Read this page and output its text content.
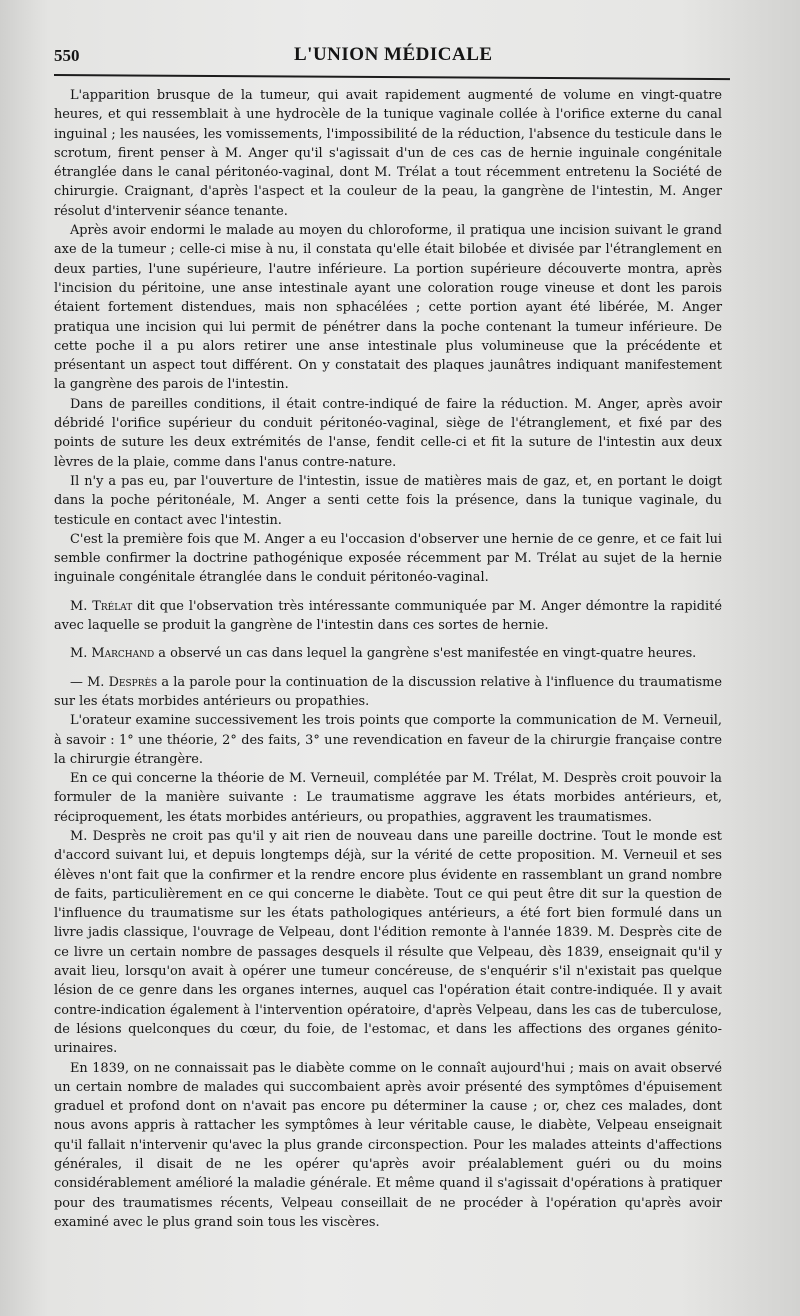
550	L'UNION MÉDICALE

L'apparition brusque de la tumeur, qui avait rapidement augmenté de volume en vingt-quatre heures, et qui ressemblait à une hydrocèle de la tunique vaginale collée à l'orifice externe du canal inguinal ; les nausées, les vomissements, l'impossibilité de la réduction, l'absence du testicule dans le scrotum, firent penser à M. Anger qu'il s'agissait d'un de ces cas de hernie inguinale congénitale étranglée dans le canal péritonéo-vaginal, dont M. Trélat a tout récemment entretenu la Société de chirurgie. Craignant, d'après l'aspect et la couleur de la peau, la gangrène de l'intestin, M. Anger résolut d'intervenir séance tenante.

Après avoir endormi le malade au moyen du chloroforme, il pratiqua une incision suivant le grand axe de la tumeur ; celle-ci mise à nu, il constata qu'elle était bilobée et divisée par l'étranglement en deux parties, l'une supérieure, l'autre inférieure. La portion supérieure découverte montra, après l'incision du péritoine, une anse intestinale ayant une coloration rouge vineuse et dont les parois étaient fortement distendues, mais non sphacélées ; cette portion ayant été libérée, M. Anger pratiqua une incision qui lui permit de pénétrer dans la poche contenant la tumeur inférieure. De cette poche il a pu alors retirer une anse intestinale plus volumineuse que la précédente et présentant un aspect tout différent. On y constatait des plaques jaunâtres indiquant manifestement la gangrène des parois de l'intestin.

Dans de pareilles conditions, il était contre-indiqué de faire la réduction. M. Anger, après avoir débridé l'orifice supérieur du conduit péritonéo-vaginal, siège de l'étranglement, et fixé par des points de suture les deux extrémités de l'anse, fendit celle-ci et fit la suture de l'intestin aux deux lèvres de la plaie, comme dans l'anus contre-nature.

Il n'y a pas eu, par l'ouverture de l'intestin, issue de matières mais de gaz, et, en portant le doigt dans la poche péritonéale, M. Anger a senti cette fois la présence, dans la tunique vaginale, du testicule en contact avec l'intestin.

C'est la première fois que M. Anger a eu l'occasion d'observer une hernie de ce genre, et ce fait lui semble confirmer la doctrine pathogénique exposée récemment par M. Trélat au sujet de la hernie inguinale congénitale étranglée dans le conduit péritonéo-vaginal.

M. Trélat dit que l'observation très intéressante communiquée par M. Anger démontre la rapidité avec laquelle se produit la gangrène de l'intestin dans ces sortes de hernie.

M. Marchand a observé un cas dans lequel la gangrène s'est manifestée en vingt-quatre heures.

— M. Desprès a la parole pour la continuation de la discussion relative à l'influence du traumatisme sur les états morbides antérieurs ou propathies.

L'orateur examine successivement les trois points que comporte la communication de M. Verneuil, à savoir : 1° une théorie, 2° des faits, 3° une revendication en faveur de la chirurgie française contre la chirurgie étrangère.

En ce qui concerne la théorie de M. Verneuil, complétée par M. Trélat, M. Desprès croit pouvoir la formuler de la manière suivante : Le traumatisme aggrave les états morbides antérieurs, et, réciproquement, les états morbides antérieurs, ou propathies, aggravent les traumatismes.

M. Desprès ne croit pas qu'il y ait rien de nouveau dans une pareille doctrine. Tout le monde est d'accord suivant lui, et depuis longtemps déjà, sur la vérité de cette proposition. M. Verneuil et ses élèves n'ont fait que la confirmer et la rendre encore plus évidente en rassemblant un grand nombre de faits, particulièrement en ce qui concerne le diabète. Tout ce qui peut être dit sur la question de l'influence du traumatisme sur les états pathologiques antérieurs, a été fort bien formulé dans un livre jadis classique, l'ouvrage de Velpeau, dont l'édition remonte à l'année 1839. M. Desprès cite de ce livre un certain nombre de passages desquels il résulte que Velpeau, dès 1839, enseignait qu'il y avait lieu, lorsqu'on avait à opérer une tumeur concéreuse, de s'enquérir s'il n'existait pas quelque lésion de ce genre dans les organes internes, auquel cas l'opération était contre-indiquée. Il y avait contre-indication également à l'intervention opératoire, d'après Velpeau, dans les cas de tuberculose, de lésions quelconques du cœur, du foie, de l'estomac, et dans les affections des organes génito-urinaires.

En 1839, on ne connaissait pas le diabète comme on le connaît aujourd'hui ; mais on avait observé un certain nombre de malades qui succombaient après avoir présenté des symptômes d'épuisement graduel et profond dont on n'avait pas encore pu déterminer la cause ; or, chez ces malades, dont nous avons appris à rattacher les symptômes à leur véritable cause, le diabète, Velpeau enseignait qu'il fallait n'intervenir qu'avec la plus grande circonspection. Pour les malades atteints d'affections générales, il disait de ne les opérer qu'après avoir préalablement guéri ou du moins considérablement amélioré la maladie générale. Et même quand il s'agissait d'opérations à pratiquer pour des traumatismes récents, Velpeau conseillait de ne procéder à l'opération qu'après avoir examiné avec le plus grand soin tous les viscères.
